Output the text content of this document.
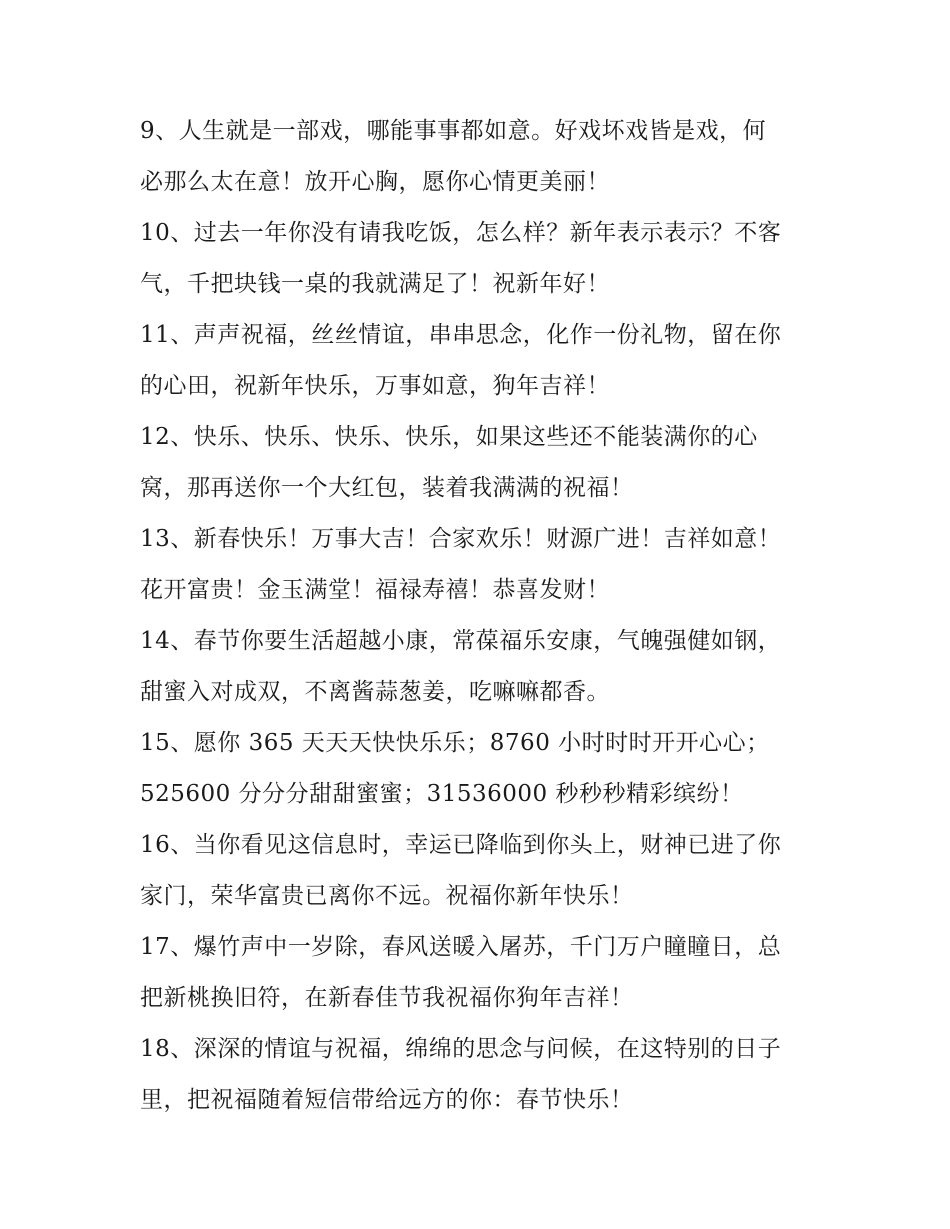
9、人生就是一部戏，哪能事事都如意。好戏坏戏皆是戏，何
必那么太在意！放开心胸，愿你心情更美丽！
10、过去一年你没有请我吃饭，怎么样？新年表示表示？不客
气，千把块钱一桌的我就满足了！祝新年好！
11、声声祝福，丝丝情谊，串串思念，化作一份礼物，留在你
的心田，祝新年快乐，万事如意，狗年吉祥！
12、快乐、快乐、快乐、快乐，如果这些还不能装满你的心
窝，那再送你一个大红包，装着我满满的祝福！
13、新春快乐！万事大吉！合家欢乐！财源广进！吉祥如意！
花开富贵！金玉满堂！福禄寿禧！恭喜发财！
14、春节你要生活超越小康，常葆福乐安康，气魄强健如钢，
甜蜜入对成双，不离酱蒜葱姜，吃嘛嘛都香。
15、愿你 365 天天天快快乐乐；8760 小时时时开开心心；
525600 分分分甜甜蜜蜜；31536000 秒秒秒精彩缤纷！
16、当你看见这信息时，幸运已降临到你头上，财神已进了你
家门，荣华富贵已离你不远。祝福你新年快乐！
17、爆竹声中一岁除，春风送暖入屠苏，千门万户瞳瞳日，总
把新桃换旧符，在新春佳节我祝福你狗年吉祥！
18、深深的情谊与祝福，绵绵的思念与问候，在这特别的日子
里，把祝福随着短信带给远方的你：春节快乐！
